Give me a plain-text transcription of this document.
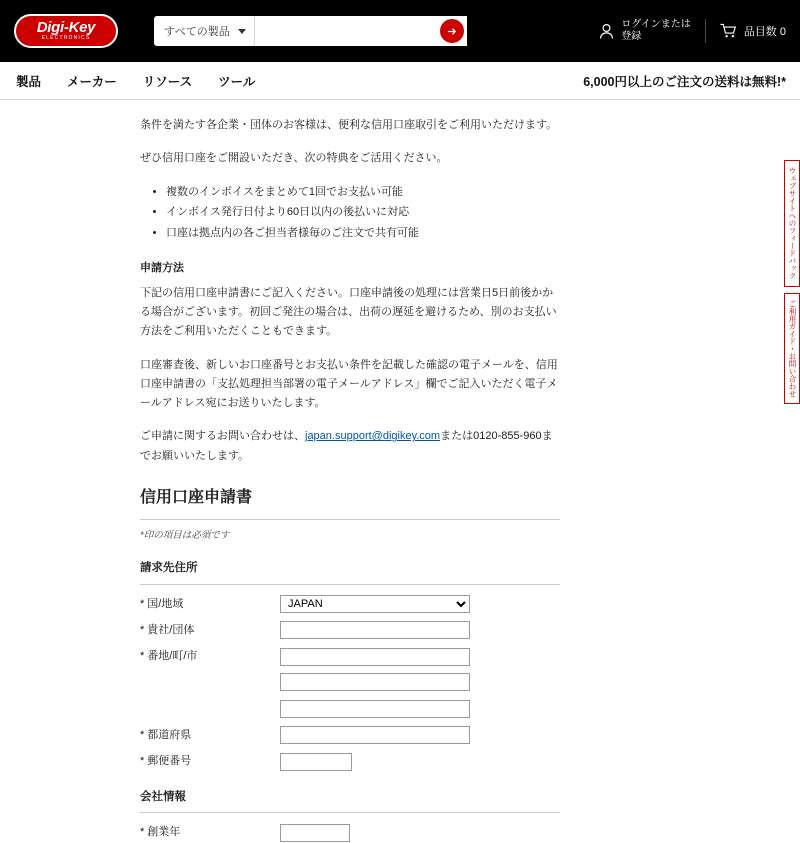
Digi-Key
ELECTRONICS	すべての製品
ログインまたは
登録	品目数 0
製品 メーカー リソース ツール	6,000円以上のご注文の送料は無料!*

条件を満たす各企業・団体のお客様は、便利な信用口座取引をご利用いただけます。

ぜひ信用口座をご開設いただき、次の特典をご活用ください。

• 複数のインボイスをまとめて1回でお支払い可能
• インボイス発行日付より60日以内の後払いに対応
• 口座は拠点内の各ご担当者様毎のご注文で共有可能
申請方法

下記の信用口座申請書にご記入ください。口座申請後の処理には営業日5日前後かかる場合がございます。初回ご発注の場合は、出荷の遅延を避けるため、別のお支払い方法をご利用いただくこともできます。

口座審査後、新しいお口座番号とお支払い条件を記載した確認の電子メールを、信用口座申請書の「支払処理担当部署の電子メールアドレス」欄でご記入いただく電子メールアドレス宛にお送りいたします。

ご申請に関するお問い合わせは、japan.support@digikey.comまたは0120-855-960までお願いいたします。

信用口座申請書
*印の項目は必須です
請求先住所
* 国/地域
JAPAN
* 貴社/団体
* 番地/町/市
* 都道府県
* 郵便番号
会社情報
* 創業年
ウェブサイトへのフィードバック
ご利用ガイド・お問い合わせ
